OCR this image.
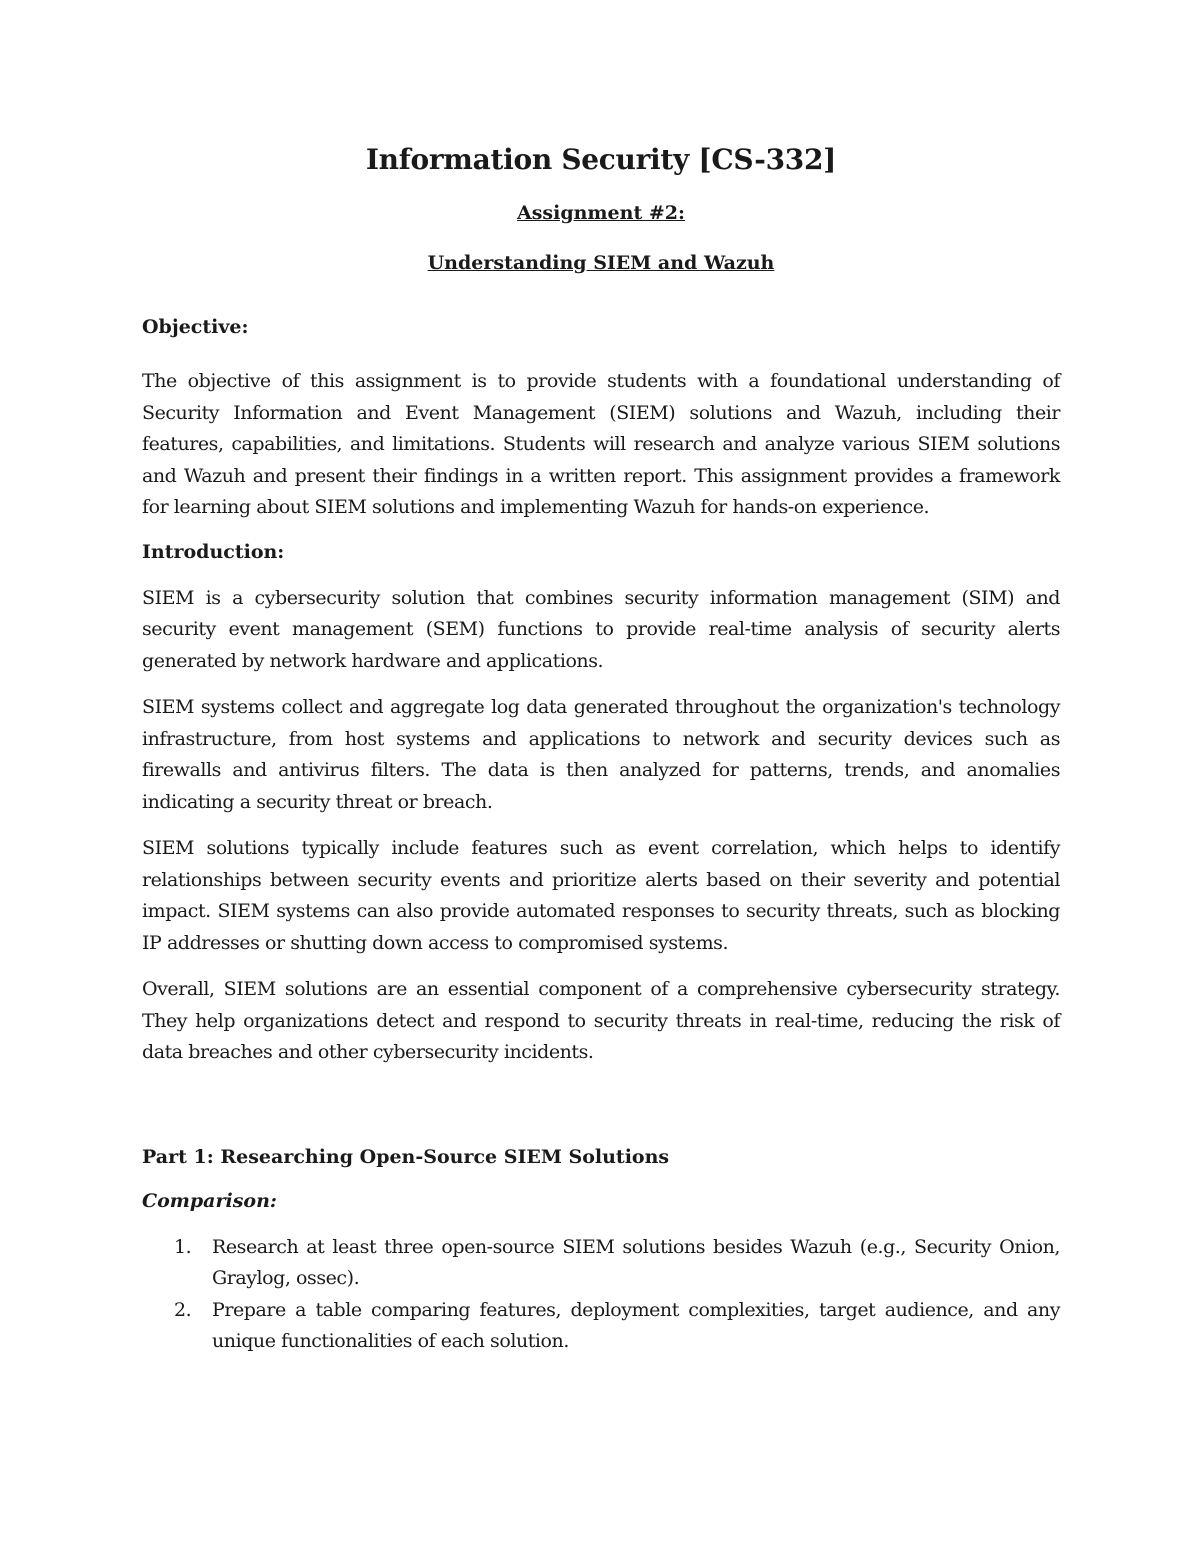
Information Security [CS-332]

Assignment #2:

Understanding SIEM and Wazuh

Objective:

The objective of this assignment is to provide students with a foundational understanding of Security Information and Event Management (SIEM) solutions and Wazuh, including their features, capabilities, and limitations. Students will research and analyze various SIEM solutions and Wazuh and present their findings in a written report. This assignment provides a framework for learning about SIEM solutions and implementing Wazuh for hands-on experience.

Introduction:

SIEM is a cybersecurity solution that combines security information management (SIM) and security event management (SEM) functions to provide real-time analysis of security alerts generated by network hardware and applications.

SIEM systems collect and aggregate log data generated throughout the organization's technology infrastructure, from host systems and applications to network and security devices such as firewalls and antivirus filters. The data is then analyzed for patterns, trends, and anomalies indicating a security threat or breach.

SIEM solutions typically include features such as event correlation, which helps to identify relationships between security events and prioritize alerts based on their severity and potential impact. SIEM systems can also provide automated responses to security threats, such as blocking IP addresses or shutting down access to compromised systems.

Overall, SIEM solutions are an essential component of a comprehensive cybersecurity strategy. They help organizations detect and respond to security threats in real-time, reducing the risk of data breaches and other cybersecurity incidents.

Part 1: Researching Open-Source SIEM Solutions

Comparison:

1. Research at least three open-source SIEM solutions besides Wazuh (e.g., Security Onion, Graylog, ossec).
2. Prepare a table comparing features, deployment complexities, target audience, and any unique functionalities of each solution.
